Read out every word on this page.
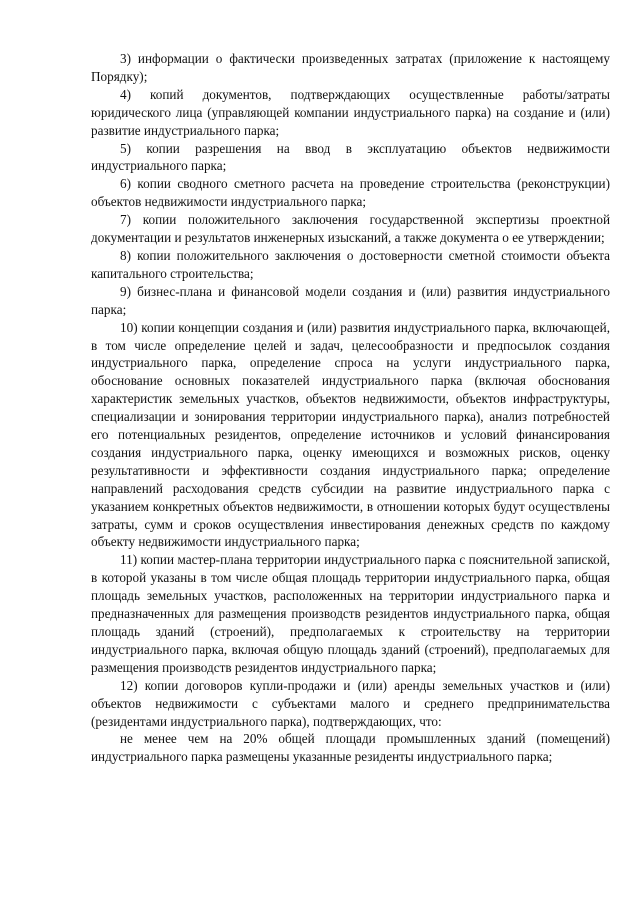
3) информации о фактически произведенных затратах (приложение к настоящему Порядку);

4) копий документов, подтверждающих осуществленные работы/затраты юридического лица (управляющей компании индустриального парка) на создание и (или) развитие индустриального парка;

5) копии разрешения на ввод в эксплуатацию объектов недвижимости индустриального парка;

6) копии сводного сметного расчета на проведение строительства (реконструкции) объектов недвижимости индустриального парка;

7) копии положительного заключения государственной экспертизы проектной документации и результатов инженерных изысканий, а также документа о ее утверждении;

8) копии положительного заключения о достоверности сметной стоимости объекта капитального строительства;

9) бизнес-плана и финансовой модели создания и (или) развития индустриального парка;

10) копии концепции создания и (или) развития индустриального парка, включающей, в том числе определение целей и задач, целесообразности и предпосылок создания индустриального парка, определение спроса на услуги индустриального парка, обоснование основных показателей индустриального парка (включая обоснования характеристик земельных участков, объектов недвижимости, объектов инфраструктуры, специализации и зонирования территории индустриального парка), анализ потребностей его потенциальных резидентов, определение источников и условий финансирования создания индустриального парка, оценку имеющихся и возможных рисков, оценку результативности и эффективности создания индустриального парка; определение направлений расходования средств субсидии на развитие индустриального парка с указанием конкретных объектов недвижимости, в отношении которых будут осуществлены затраты, сумм и сроков осуществления инвестирования денежных средств по каждому объекту недвижимости индустриального парка;

11) копии мастер-плана территории индустриального парка с пояснительной запиской, в которой указаны в том числе общая площадь территории индустриального парка, общая площадь земельных участков, расположенных на территории индустриального парка и предназначенных для размещения производств резидентов индустриального парка, общая площадь зданий (строений), предполагаемых к строительству на территории индустриального парка, включая общую площадь зданий (строений), предполагаемых для размещения производств резидентов индустриального парка;

12) копии договоров купли-продажи и (или) аренды земельных участков и (или) объектов недвижимости с субъектами малого и среднего предпринимательства (резидентами индустриального парка), подтверждающих, что:

не менее чем на 20% общей площади промышленных зданий (помещений) индустриального парка размещены указанные резиденты индустриального парка;
